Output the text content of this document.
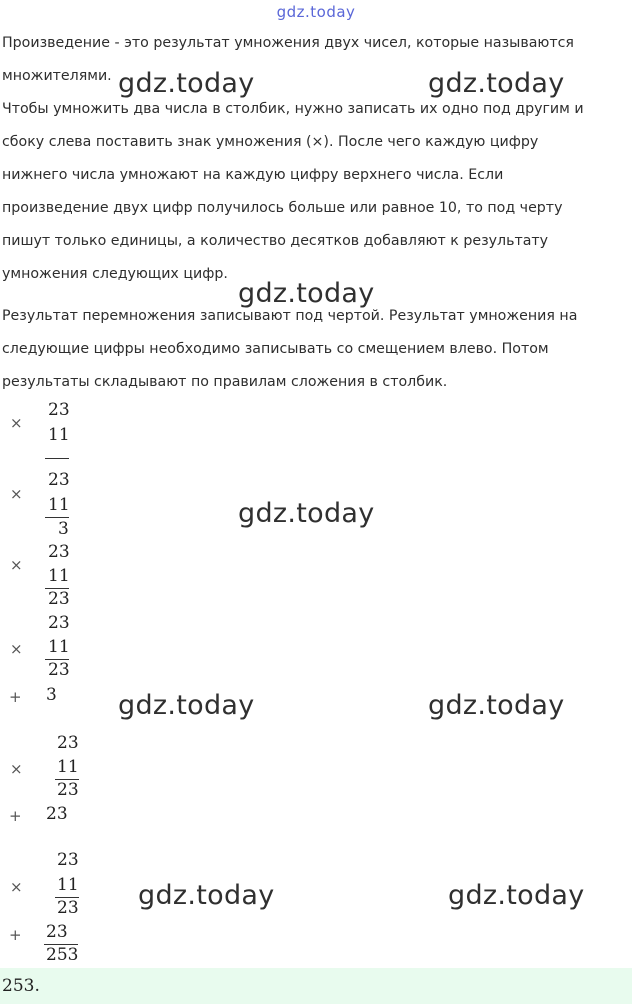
gdz.today
Произведение - это результат умножения двух чисел, которые называются
множителями.
Чтобы умножить два числа в столбик, нужно записать их одно под другим и
сбоку слева поставить знак умножения (×). После чего каждую цифру
нижнего числа умножают на каждую цифру верхнего числа. Если
произведение двух цифр получилось больше или равное 10, то под черту
пишут только единицы, а количество десятков добавляют к результату
умножения следующих цифр.
Результат перемножения записывают под чертой. Результат умножения на
следующие цифры необходимо записывать со смещением влево. Потом
результаты складывают по правилам сложения в столбик.
gdz.today	gdz.today
gdz.today
gdz.today
gdz.today	gdz.today
gdz.today	gdz.today
×
23
11
×
23
11
3
×
23
11
23
23
× 11
23
+ 3
23
× 11
23
+ 23
23
× 11
23
+ 23
253
253.
